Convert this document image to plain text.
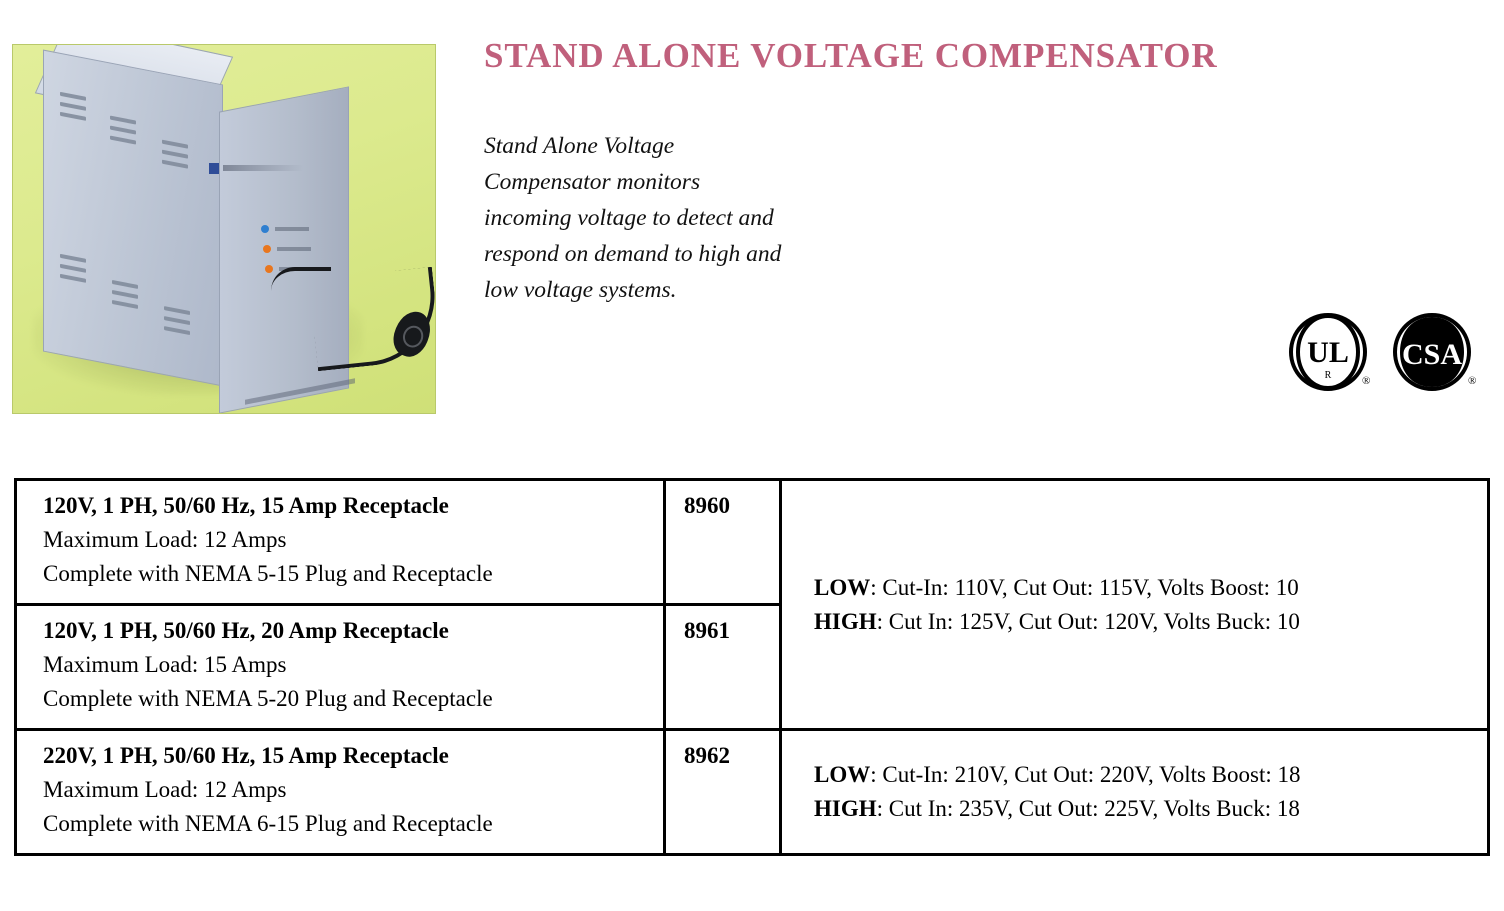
STAND ALONE VOLTAGE COMPENSATOR
Stand Alone Voltage Compensator monitors incoming voltage to detect and respond on demand to high and low voltage systems.
UL
R	®
CSA
®
120V, 1 PH, 50/60 Hz, 15 Amp Receptacle
Maximum Load: 12 Amps
Complete with NEMA 5-15 Plug and Receptacle
8960
120V, 1 PH, 50/60 Hz, 20 Amp Receptacle
Maximum Load: 15 Amps
Complete with NEMA 5-20 Plug and Receptacle
8961
LOW: Cut-In: 110V, Cut Out: 115V, Volts Boost: 10
HIGH: Cut In: 125V, Cut Out: 120V, Volts Buck: 10
220V, 1 PH, 50/60 Hz, 15 Amp Receptacle
Maximum Load: 12 Amps
Complete with NEMA 6-15 Plug and Receptacle
8962
LOW: Cut-In: 210V, Cut Out: 220V, Volts Boost: 18
HIGH: Cut In: 235V, Cut Out: 225V, Volts Buck: 18
